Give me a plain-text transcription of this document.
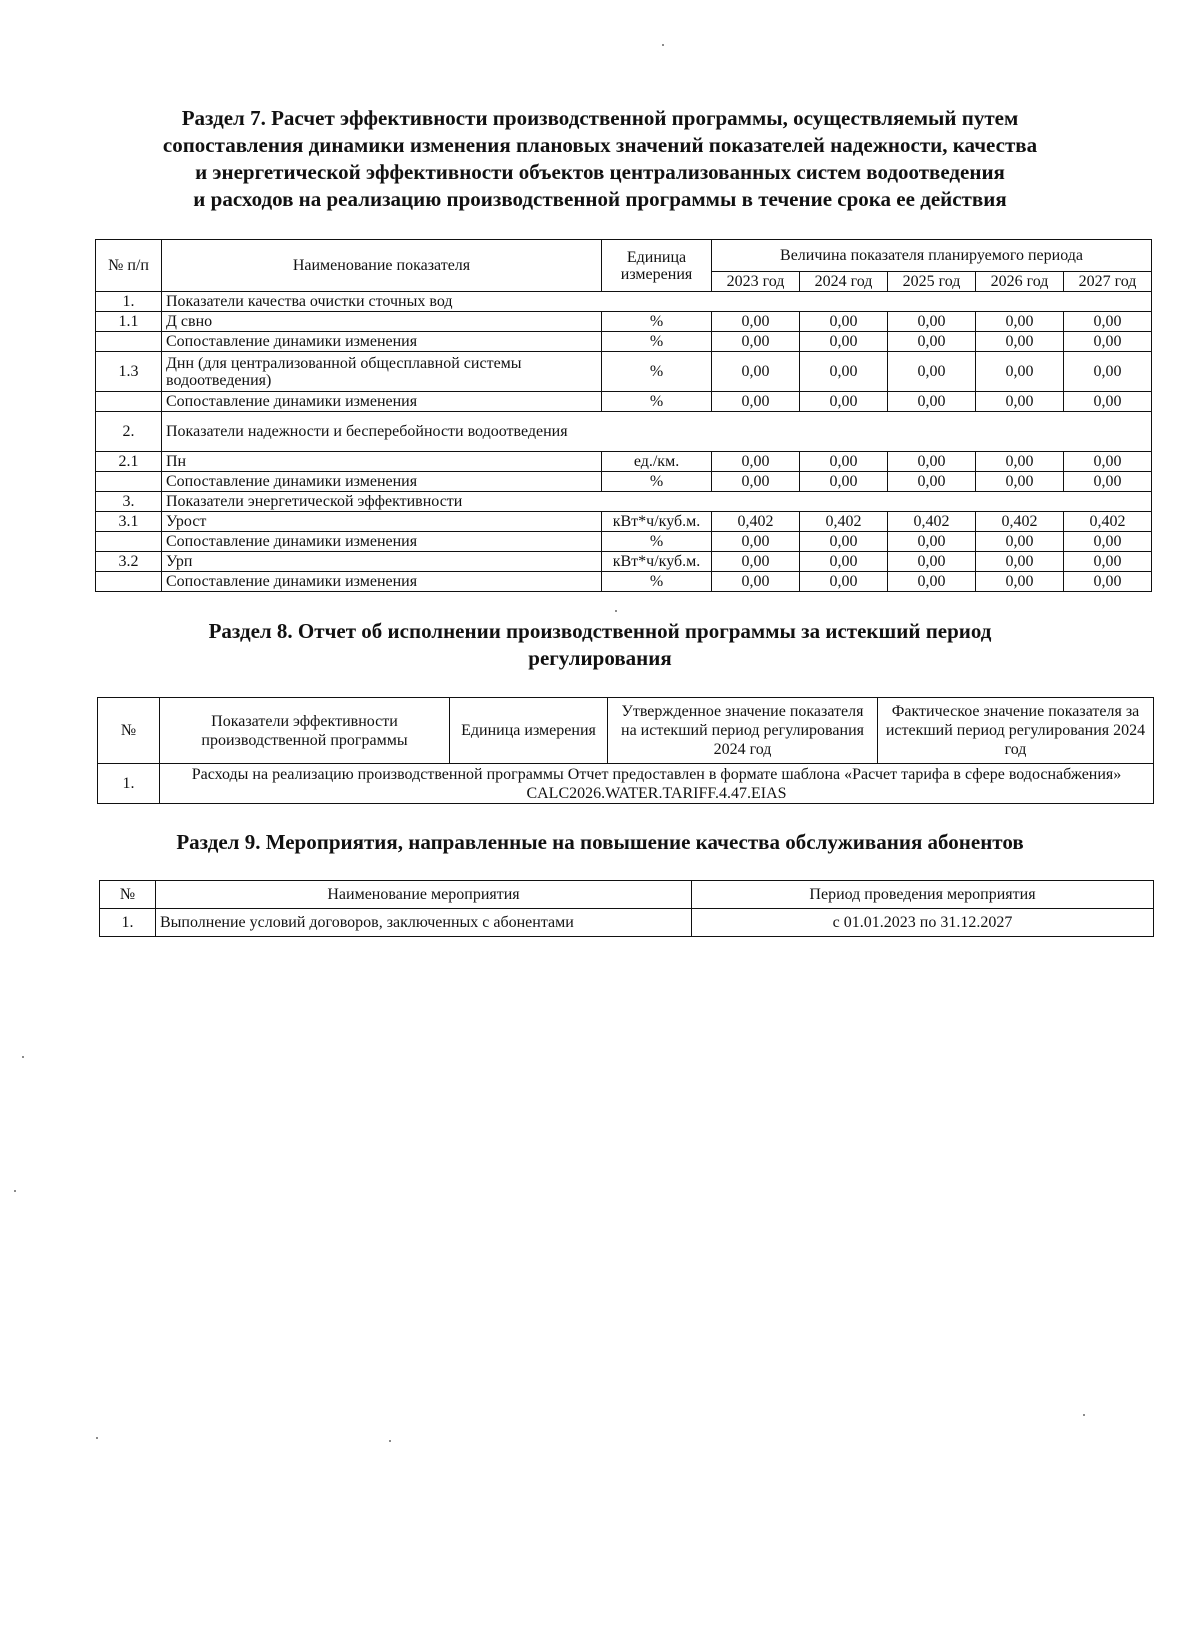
Раздел 7. Расчет эффективности производственной программы, осуществляемый путем
сопоставления динамики изменения плановых значений показателей надежности, качества
и энергетической эффективности объектов централизованных систем водоотведения
и расходов на реализацию производственной программы в течение срока ее действия
№ п/п	Наименование показателя	Единица измерения	Величина показателя планируемого периода				
			2023 год	2024 год	2025 год	2026 год	2027 год
1.	Показатели качества очистки сточных вод						
1.1	Д свно	%	0,00	0,00	0,00	0,00	0,00
	Сопоставление динамики изменения	%	0,00	0,00	0,00	0,00	0,00
1.3	Днн (для централизованной общесплавной системы водоотведения)	%	0,00	0,00	0,00	0,00	0,00
	Сопоставление динамики изменения	%	0,00	0,00	0,00	0,00	0,00
2.	Показатели надежности и бесперебойности водоотведения						
2.1	Пн	ед./км.	0,00	0,00	0,00	0,00	0,00
	Сопоставление динамики изменения	%	0,00	0,00	0,00	0,00	0,00
3.	Показатели энергетической эффективности						
3.1	Урост	кВт*ч/куб.м.	0,402	0,402	0,402	0,402	0,402
	Сопоставление динамики изменения	%	0,00	0,00	0,00	0,00	0,00
3.2	Урп	кВт*ч/куб.м.	0,00	0,00	0,00	0,00	0,00
	Сопоставление динамики изменения	%	0,00	0,00	0,00	0,00	0,00
Раздел 8. Отчет об исполнении производственной программы за истекший период
регулирования
№	Показатели эффективности производственной программы	Единица измерения	Утвержденное значение показателя на истекший период регулирования 2024 год	Фактическое значение показателя за истекший период регулирования 2024 год
1.	Расходы на реализацию производственной программы Отчет предоставлен в формате шаблона «Расчет тарифа в сфере водоснабжения» CALC2026.WATER.TARIFF.4.47.EIAS			
Раздел 9. Мероприятия, направленные на повышение качества обслуживания абонентов
№	Наименование мероприятия	Период проведения мероприятия
1.	Выполнение условий договоров, заключенных с абонентами	с 01.01.2023 по 31.12.2027
